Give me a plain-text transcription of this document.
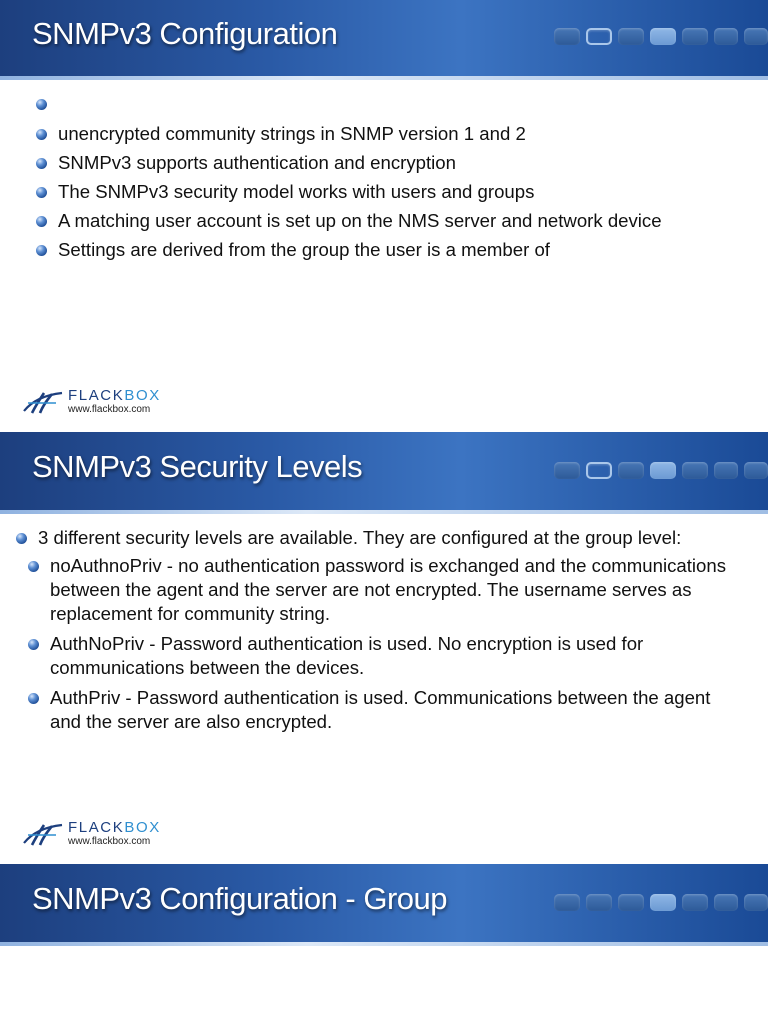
SNMPv3 Configuration
unencrypted community strings in SNMP version 1 and 2
SNMPv3 supports authentication and encryption
The SNMPv3 security model works with users and groups
A matching user account is set up on the NMS server and network device
Settings are derived from the group the user is a member of
FLACKBOX
www.flackbox.com
SNMPv3 Security Levels
3 different security levels are available. They are configured at the group level:
noAuthnoPriv - no authentication password is exchanged and the communications between the agent and the server are not encrypted. The username serves as replacement for community string.
AuthNoPriv - Password authentication is used. No encryption is used for communications between the devices.
AuthPriv - Password authentication is used. Communications between the agent and the server are also encrypted.
FLACKBOX
www.flackbox.com
SNMPv3 Configuration - Group
